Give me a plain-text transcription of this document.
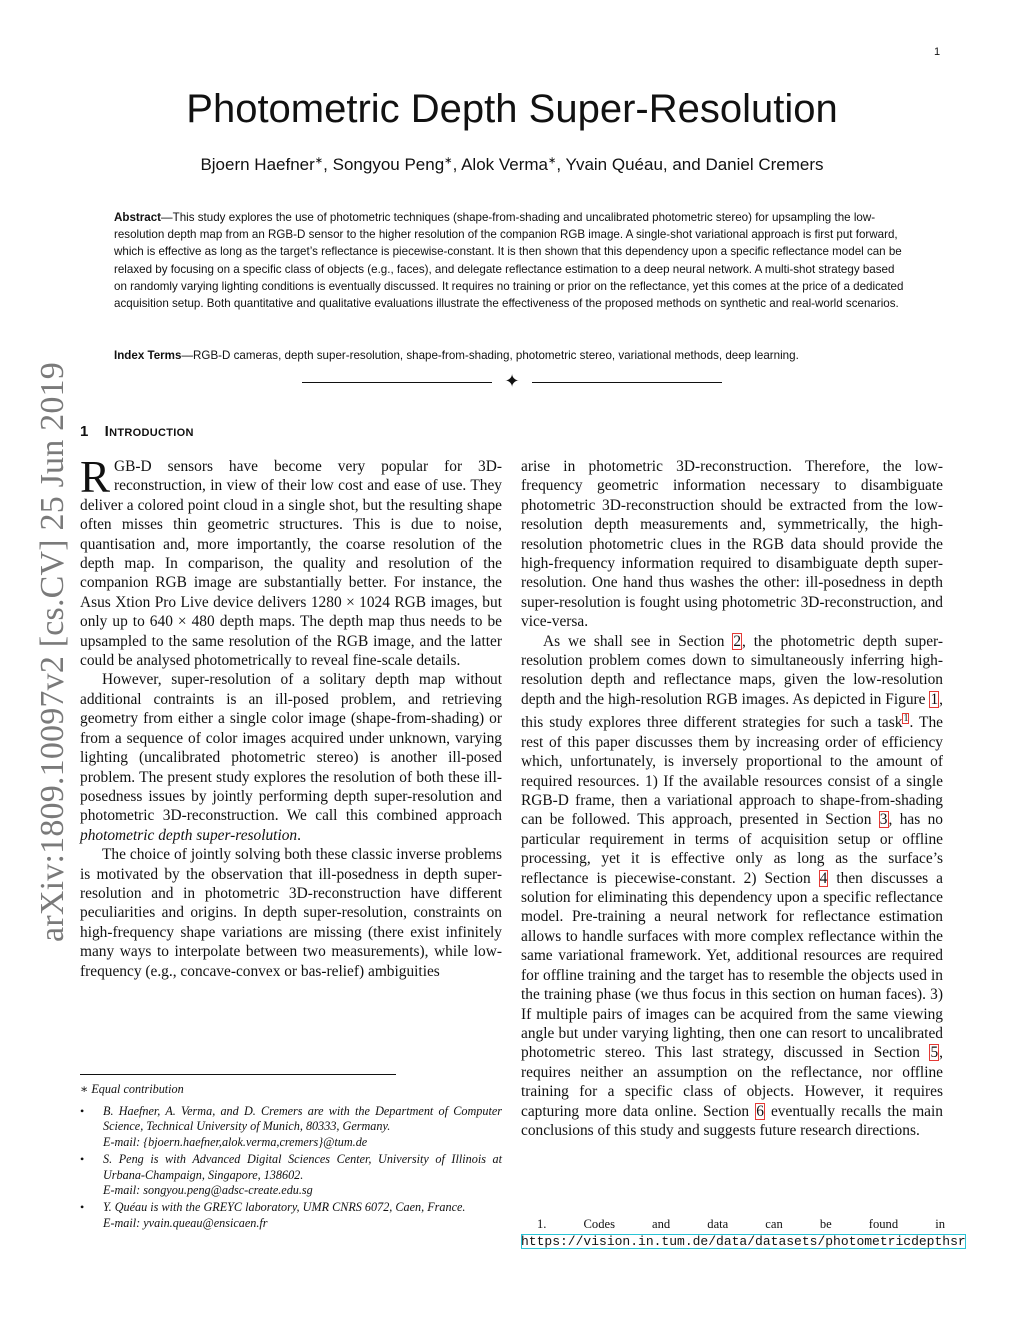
1
arXiv:1809.10097v2 [cs.CV] 25 Jun 2019
Photometric Depth Super-Resolution
Bjoern Haefner∗, Songyou Peng∗, Alok Verma∗, Yvain Quéau, and Daniel Cremers
Abstract—This study explores the use of photometric techniques (shape-from-shading and uncalibrated photometric stereo) for upsampling the low-resolution depth map from an RGB-D sensor to the higher resolution of the companion RGB image. A single-shot variational approach is first put forward, which is effective as long as the target’s reflectance is piecewise-constant. It is then shown that this dependency upon a specific reflectance model can be relaxed by focusing on a specific class of objects (e.g., faces), and delegate reflectance estimation to a deep neural network. A multi-shot strategy based on randomly varying lighting conditions is eventually discussed. It requires no training or prior on the reflectance, yet this comes at the price of a dedicated acquisition setup. Both quantitative and qualitative evaluations illustrate the effectiveness of the proposed methods on synthetic and real-world scenarios.
Index Terms—RGB-D cameras, depth super-resolution, shape-from-shading, photometric stereo, variational methods, deep learning.
✦
1 Introduction

RGB-D sensors have become very popular for 3D-reconstruction, in view of their low cost and ease of use. They deliver a colored point cloud in a single shot, but the resulting shape often misses thin geometric structures. This is due to noise, quantisation and, more importantly, the coarse resolution of the depth map. In comparison, the quality and resolution of the companion RGB image are substantially better. For instance, the Asus Xtion Pro Live device delivers 1280 × 1024 RGB images, but only up to 640 × 480 depth maps. The depth map thus needs to be upsampled to the same resolution of the RGB image, and the latter could be analysed photometrically to reveal fine-scale details.

However, super-resolution of a solitary depth map without additional contraints is an ill-posed problem, and retrieving geometry from either a single color image (shape-from-shading) or from a sequence of color images acquired under unknown, varying lighting (uncalibrated photometric stereo) is another ill-posed problem. The present study explores the resolution of both these ill-posedness issues by jointly performing depth super-resolution and photometric 3D-reconstruction. We call this combined approach photometric depth super-resolution.

The choice of jointly solving both these classic inverse problems is motivated by the observation that ill-posedness in depth super-resolution and in photometric 3D-reconstruction have different peculiarities and origins. In depth super-resolution, constraints on high-frequency shape variations are missing (there exist infinitely many ways to interpolate between two measurements), while low-frequency (e.g., concave-convex or bas-relief) ambiguities

arise in photometric 3D-reconstruction. Therefore, the low-frequency geometric information necessary to disambiguate photometric 3D-reconstruction should be extracted from the low-resolution depth measurements and, symmetrically, the high-resolution photometric clues in the RGB data should provide the high-frequency information required to disambiguate depth super-resolution. One hand thus washes the other: ill-posedness in depth super-resolution is fought using photometric 3D-reconstruction, and vice-versa.

As we shall see in Section 2, the photometric depth super-resolution problem comes down to simultaneously inferring high-resolution depth and reflectance maps, given the low-resolution depth and the high-resolution RGB images. As depicted in Figure 1, this study explores three different strategies for such a task$^1$. The rest of this paper discusses them by increasing order of efficiency which, unfortunately, is inversely proportional to the amount of required resources. 1) If the available resources consist of a single RGB-D frame, then a variational approach to shape-from-shading can be followed. This approach, presented in Section 3, has no particular requirement in terms of acquisition setup or offline processing, yet it is effective only as long as the surface’s reflectance is piecewise-constant. 2) Section 4 then discusses a solution for eliminating this dependency upon a specific reflectance model. Pre-training a neural network for reflectance estimation allows to handle surfaces with more complex reflectance within the same variational framework. Yet, additional resources are required for offline training and the target has to resemble the objects used in the training phase (we thus focus in this section on human faces). 3) If multiple pairs of images can be acquired from the same viewing angle but under varying lighting, then one can resort to uncalibrated photometric stereo. This last strategy, discussed in Section 5, requires neither an assumption on the reflectance, nor offline training for a specific class of objects. However, it requires capturing more data online. Section 6 eventually recalls the main conclusions of this study and suggests future research directions.

∗ Equal contribution
• B. Haefner, A. Verma, and D. Cremers are with the Department of Computer Science, Technical University of Munich, 80333, Germany.
E-mail: {bjoern.haefner,alok.verma,cremers}@tum.de
• S. Peng is with Advanced Digital Sciences Center, University of Illinois at Urbana-Champaign, Singapore, 138602.
E-mail: songyou.peng@adsc-create.edu.sg
• Y. Quéau is with the GREYC laboratory, UMR CNRS 6072, Caen, France.
E-mail: yvain.queau@ensicaen.fr	1. Codes and data can be found in https://vision.in.tum.de/data/datasets/photometricdepthsr
